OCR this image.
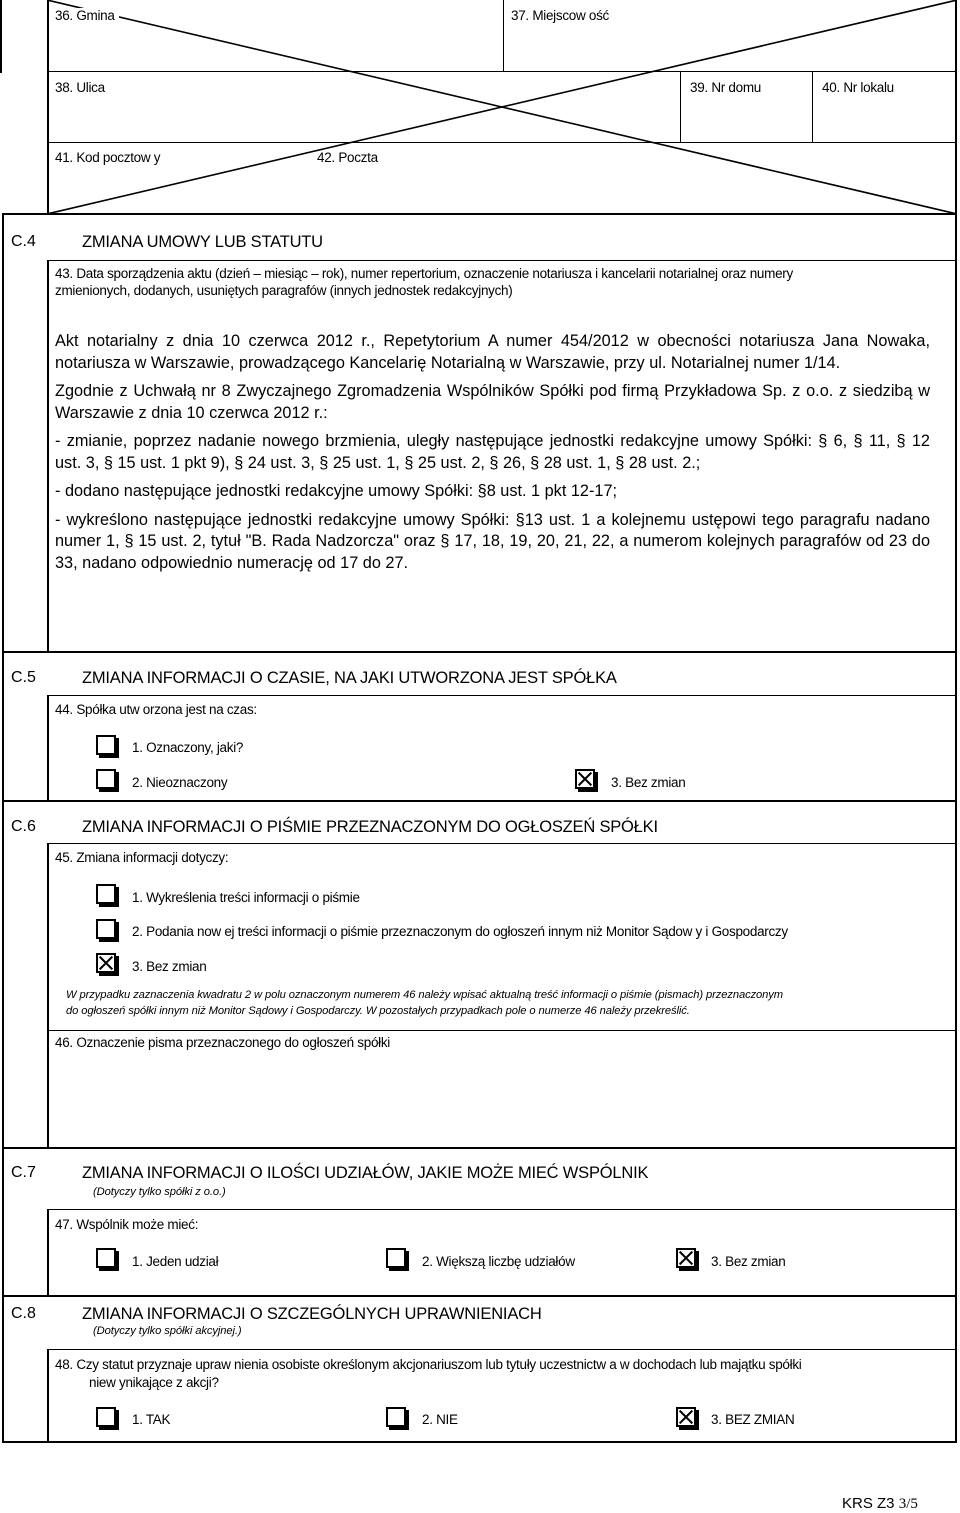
36. Gmina	37. Miejscow ość
38. Ulica	39. Nr domu	40. Nr lokalu
41. Kod pocztow y	42. Poczta
C.4	ZMIANA UMOWY LUB STATUTU
43. Data sporządzenia aktu (dzień – miesiąc – rok), numer repertorium, oznaczenie notariusza i kancelarii notarialnej oraz numery
zmienionych, dodanych, usuniętych paragrafów (innych jednostek redakcyjnych)

Akt notarialny z dnia 10 czerwca 2012 r., Repetytorium A numer 454/2012 w obecności notariusza Jana Nowaka, notariusza w Warszawie, prowadzącego Kancelarię Notarialną w Warszawie, przy ul. Notarialnej numer 1/14.

Zgodnie z Uchwałą nr 8 Zwyczajnego Zgromadzenia Wspólników Spółki pod firmą Przykładowa Sp. z o.o. z siedzibą w Warszawie z dnia 10 czerwca 2012 r.:

- zmianie, poprzez nadanie nowego brzmienia, uległy następujące jednostki redakcyjne umowy Spółki: § 6, § 11, § 12 ust. 3, § 15 ust. 1 pkt 9), § 24 ust. 3, § 25 ust. 1, § 25 ust. 2, § 26, § 28 ust. 1, § 28 ust. 2.;

- dodano następujące jednostki redakcyjne umowy Spółki: §8 ust. 1 pkt 12-17;

- wykreślono następujące jednostki redakcyjne umowy Spółki: §13 ust. 1 a kolejnemu ustępowi tego paragrafu nadano numer 1, § 15 ust. 2, tytuł "B. Rada Nadzorcza" oraz § 17, 18, 19, 20, 21, 22, a numerom kolejnych paragrafów od 23 do 33, nadano odpowiednio numerację od 17 do 27.

C.5	ZMIANA INFORMACJI O CZASIE, NA JAKI UTWORZONA JEST SPÓŁKA
44. Spółka utw orzona jest na czas:
1. Oznaczony, jaki?
2. Nieoznaczony	3. Bez zmian
C.6	ZMIANA INFORMACJI O PIŚMIE PRZEZNACZONYM DO OGŁOSZEŃ SPÓŁKI
45. Zmiana informacji dotyczy:
1. Wykreślenia treści informacji o piśmie
2. Podania now ej treści informacji o piśmie przeznaczonym do ogłoszeń innym niż Monitor Sądow y i Gospodarczy
3. Bez zmian
W przypadku zaznaczenia kwadratu 2 w polu oznaczonym numerem 46 należy wpisać aktualną treść informacji o piśmie (pismach) przeznaczonym
do ogłoszeń spółki innym niż Monitor Sądowy i Gospodarczy. W pozostałych przypadkach pole o numerze 46 należy przekreślić.
46. Oznaczenie pisma przeznaczonego do ogłoszeń spółki
C.7	ZMIANA INFORMACJI O ILOŚCI UDZIAŁÓW, JAKIE MOŻE MIEĆ WSPÓLNIK
(Dotyczy tylko spółki z o.o.)
47. Wspólnik może mieć:
1. Jeden udział	2. Większą liczbę udziałów	3. Bez zmian
C.8	ZMIANA INFORMACJI O SZCZEGÓLNYCH UPRAWNIENIACH
(Dotyczy tylko spółki akcyjnej.)
48. Czy statut przyznaje upraw nienia osobiste określonym akcjonariuszom lub tytuły uczestnictw a w dochodach lub majątku spółki
niew ynikające z akcji?
1. TAK	2. NIE	3. BEZ ZMIAN
KRS Z3 3/5
